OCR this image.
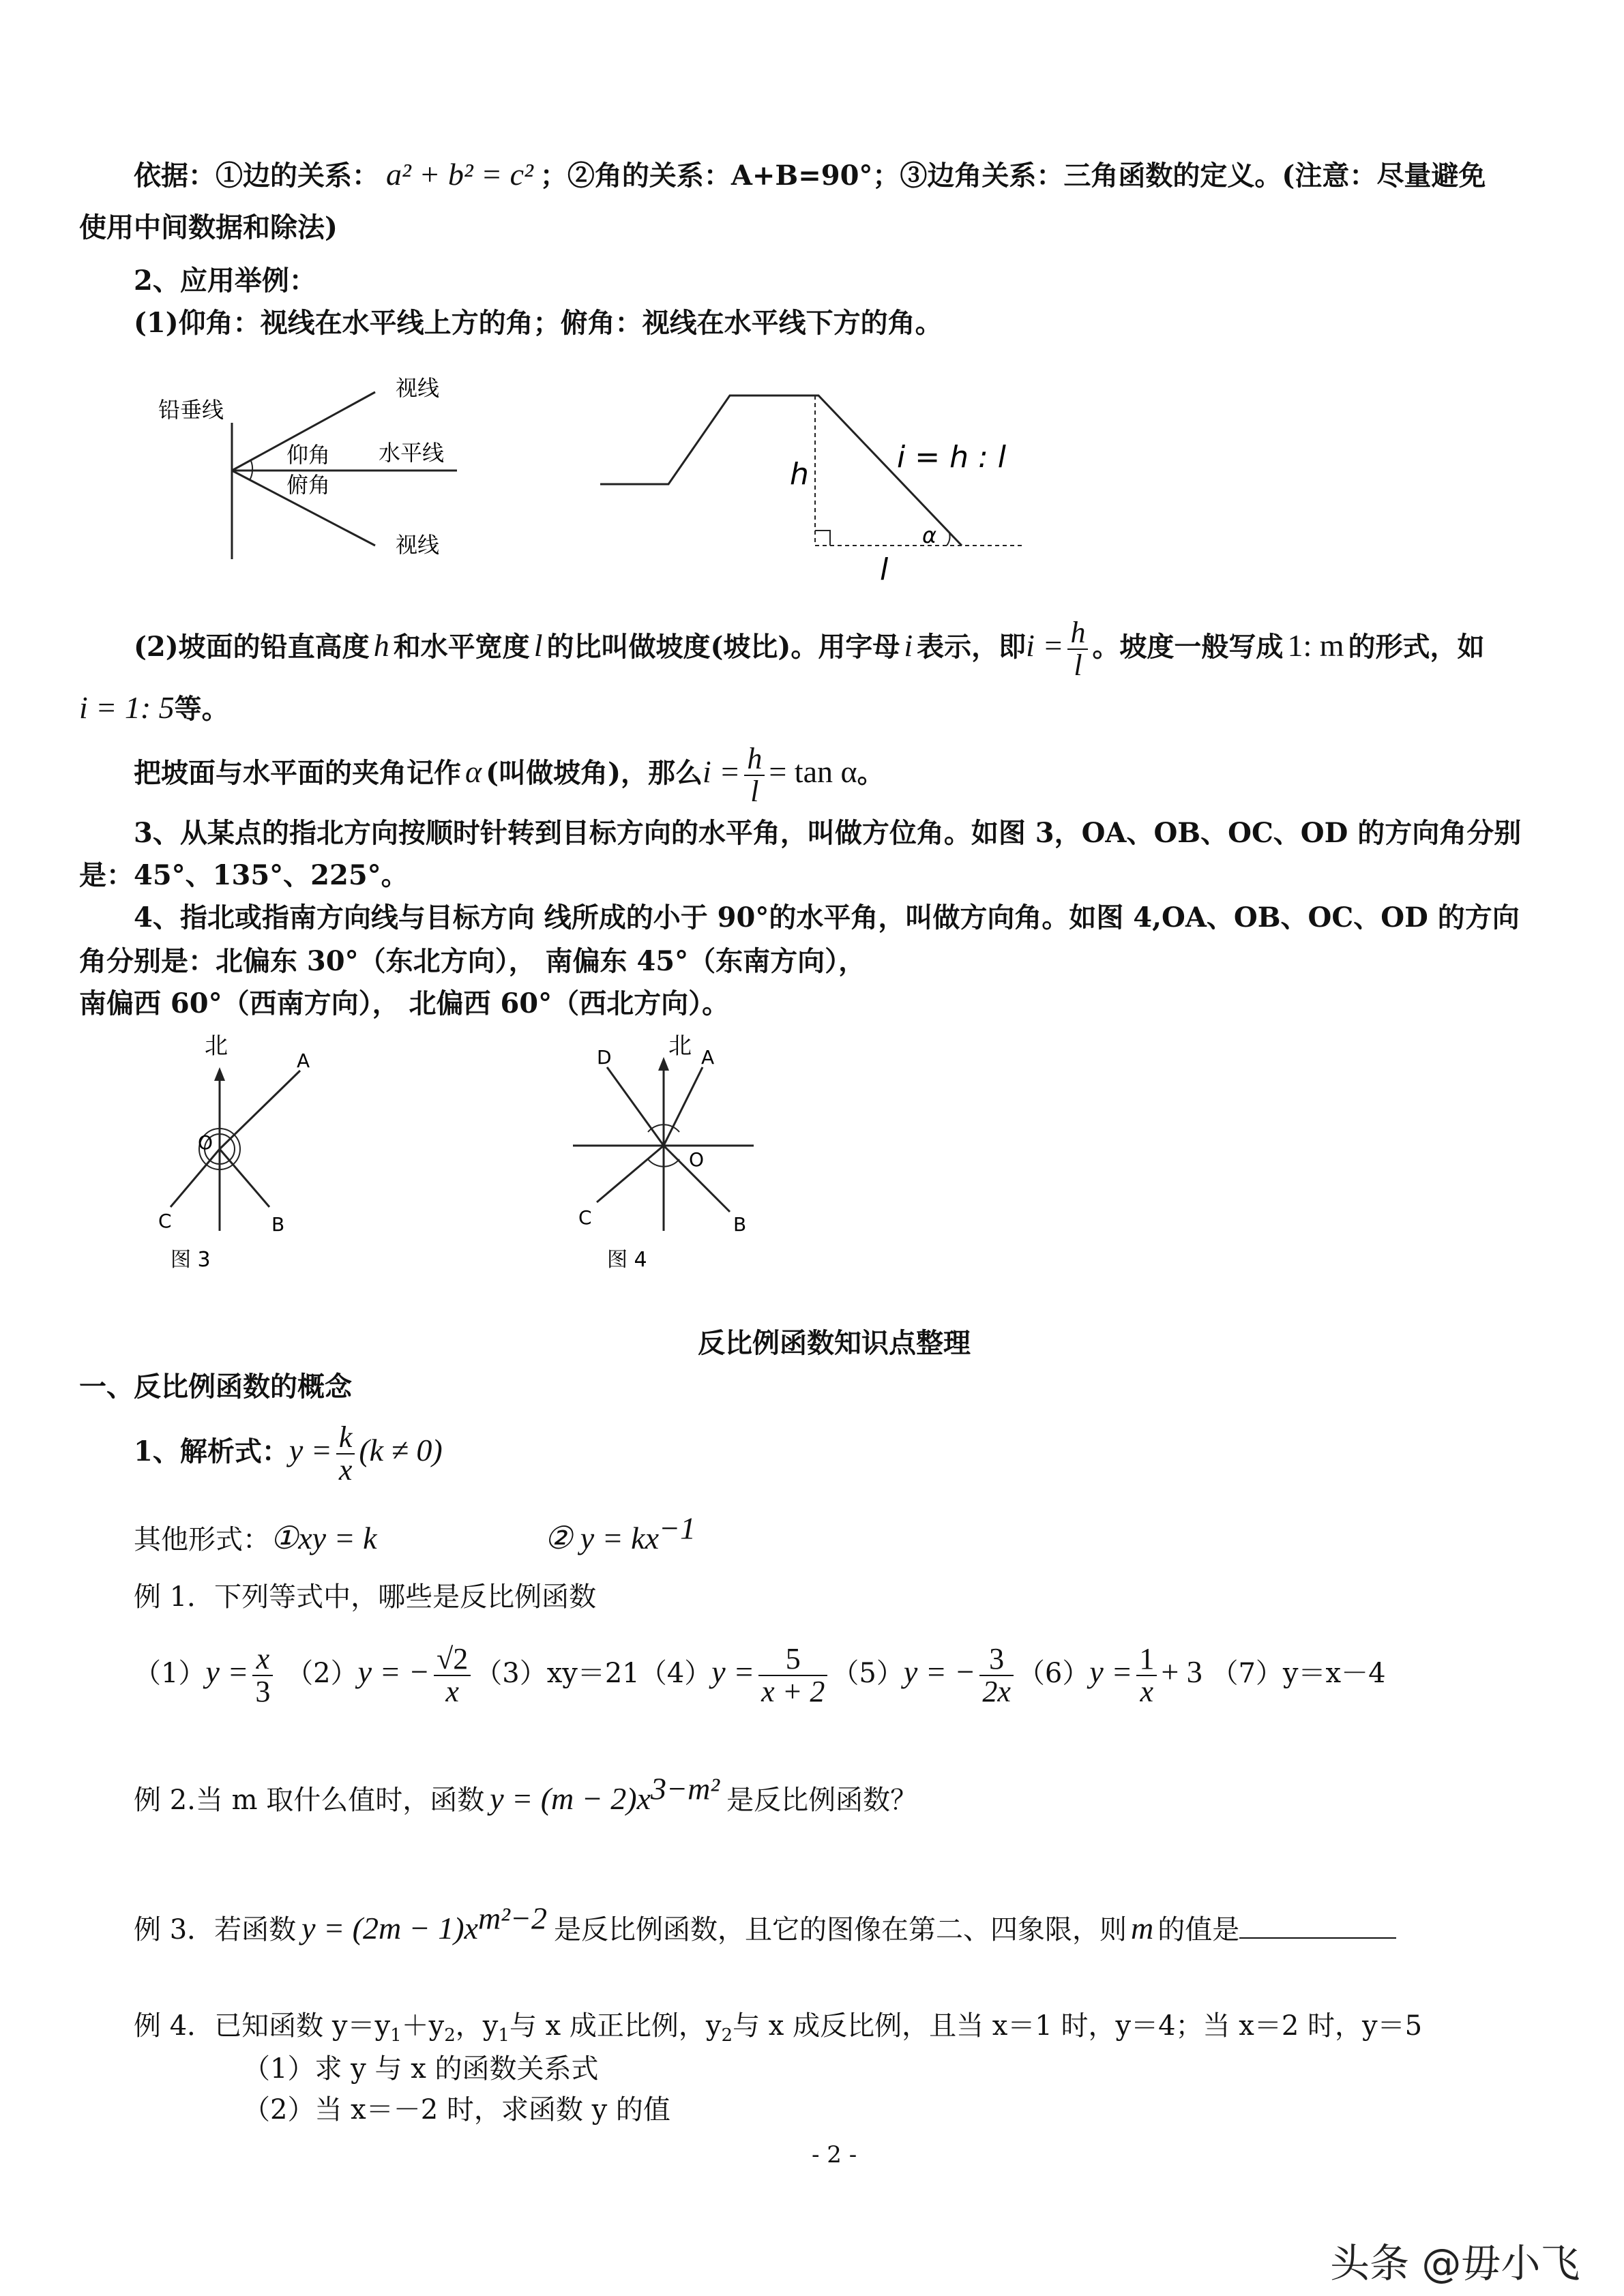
依据：①边的关系： a² + b² = c² ；②角的关系：A+B=90°；③边角关系：三角函数的定义。(注意：尽量避免
使用中间数据和除法)
2、应用举例：
(1)仰角：视线在水平线上方的角；俯角：视线在水平线下方的角。
铅垂线
视线
仰角 水平线
俯角
视线
h	i = h : l
α
l
(2)坡面的铅直高度 h 和水平宽度 l 的比叫做坡度(坡比)。用字母 i 表示，即$i = \frac{h}{l}$ 。坡度一般写成 1: m 的形式，如
i = 1: 5等。
把坡面与水平面的夹角记作 α (叫做坡角)，那么$i = \frac{h}{l} = \tan \alpha$。
3、从某点的指北方向按顺时针转到目标方向的水平角，叫做方位角。如图 3，OA、OB、OC、OD 的方向角分别
是：45°、135°、225°。
4、指北或指南方向线与目标方向 线所成的小于 90°的水平角，叫做方向角。如图 4,OA、OB、OC、OD 的方向
角分别是：北偏东 30°（东北方向）， 南偏东 45°（东南方向），
南偏西 60°（西南方向）， 北偏西 60°（西北方向）。
北
A
O
C	B
图 3
北
D	A
O
C	B
图 4
反比例函数知识点整理
一、反比例函数的概念
1、解析式：$y = \frac{k}{x} (k \ne 0)$
其他形式：①xy = k	② $y = kx^{-1}$
例 1．下列等式中，哪些是反比例函数
$(1)y = \frac{x}{3} (2)y$ = − $\frac{√2}{x} (3)xy=21(4)y = \frac{5}{x + 2} (5)y$ = − $\frac{3}{2x} (6)y = \frac{1}{x} + 3$ （7）y＝x－4
例 2.当 m 取什么值时，函数 $y = (m - 2)x^{3-m^2}$ 是反比例函数？
例 3．若函数 $y = (2m - 1)x^{m^2-2}$ 是反比例函数，且它的图像在第二、四象限，则 m 的值是
例 4．已知函数 $y=y_1+y_2$，$y_1$与 x 成正比例，$y_2$与 x 成反比例，且当 x＝1 时，y＝4；当 x＝2 时，y＝5
（1）求 y 与 x 的函数关系式
（2）当 x＝－2 时，求函数 y 的值
- 2 -
头条 @毋小飞
